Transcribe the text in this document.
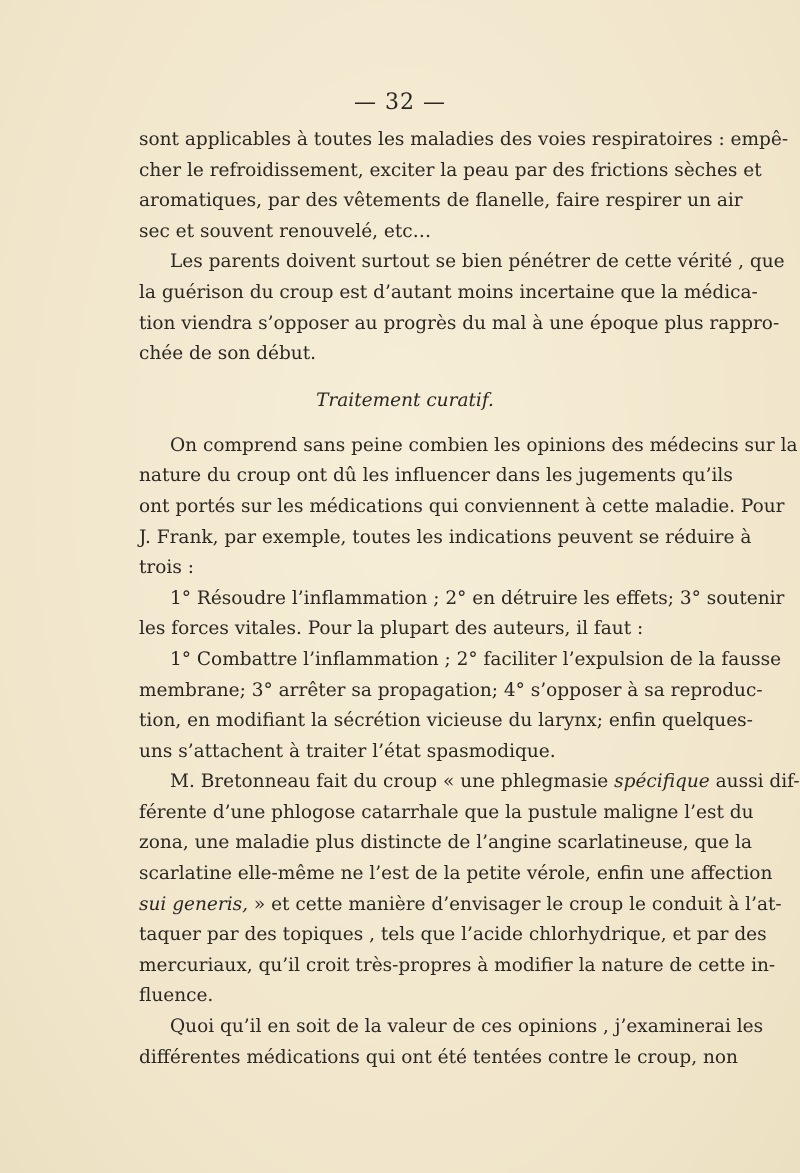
— 32 —
sont applicables à toutes les maladies des voies respiratoires : empê-
cher le refroidissement, exciter la peau par des frictions sèches et
aromatiques, par des vêtements de flanelle, faire respirer un air
sec et souvent renouvelé, etc…
Les parents doivent surtout se bien pénétrer de cette vérité , que
la guérison du croup est d’autant moins incertaine que la médica-
tion viendra s’opposer au progrès du mal à une époque plus rappro-
chée de son début.
Traitement curatif.
On comprend sans peine combien les opinions des médecins sur la
nature du croup ont dû les influencer dans les jugements qu’ils
ont portés sur les médications qui conviennent à cette maladie. Pour
J. Frank, par exemple, toutes les indications peuvent se réduire à
trois :
1° Résoudre l’inflammation ; 2° en détruire les effets; 3° soutenir
les forces vitales. Pour la plupart des auteurs, il faut :
1° Combattre l’inflammation ; 2° faciliter l’expulsion de la fausse
membrane; 3° arrêter sa propagation; 4° s’opposer à sa reproduc-
tion, en modifiant la sécrétion vicieuse du larynx; enfin quelques-
uns s’attachent à traiter l’état spasmodique.
M. Bretonneau fait du croup « une phlegmasie spécifique aussi dif-
férente d’une phlogose catarrhale que la pustule maligne l’est du
zona, une maladie plus distincte de l’angine scarlatineuse, que la
scarlatine elle-même ne l’est de la petite vérole, enfin une affection
sui generis, » et cette manière d’envisager le croup le conduit à l’at-
taquer par des topiques , tels que l’acide chlorhydrique, et par des
mercuriaux, qu’il croit très-propres à modifier la nature de cette in-
fluence.
Quoi qu’il en soit de la valeur de ces opinions , j’examinerai les
différentes médications qui ont été tentées contre le croup, non
